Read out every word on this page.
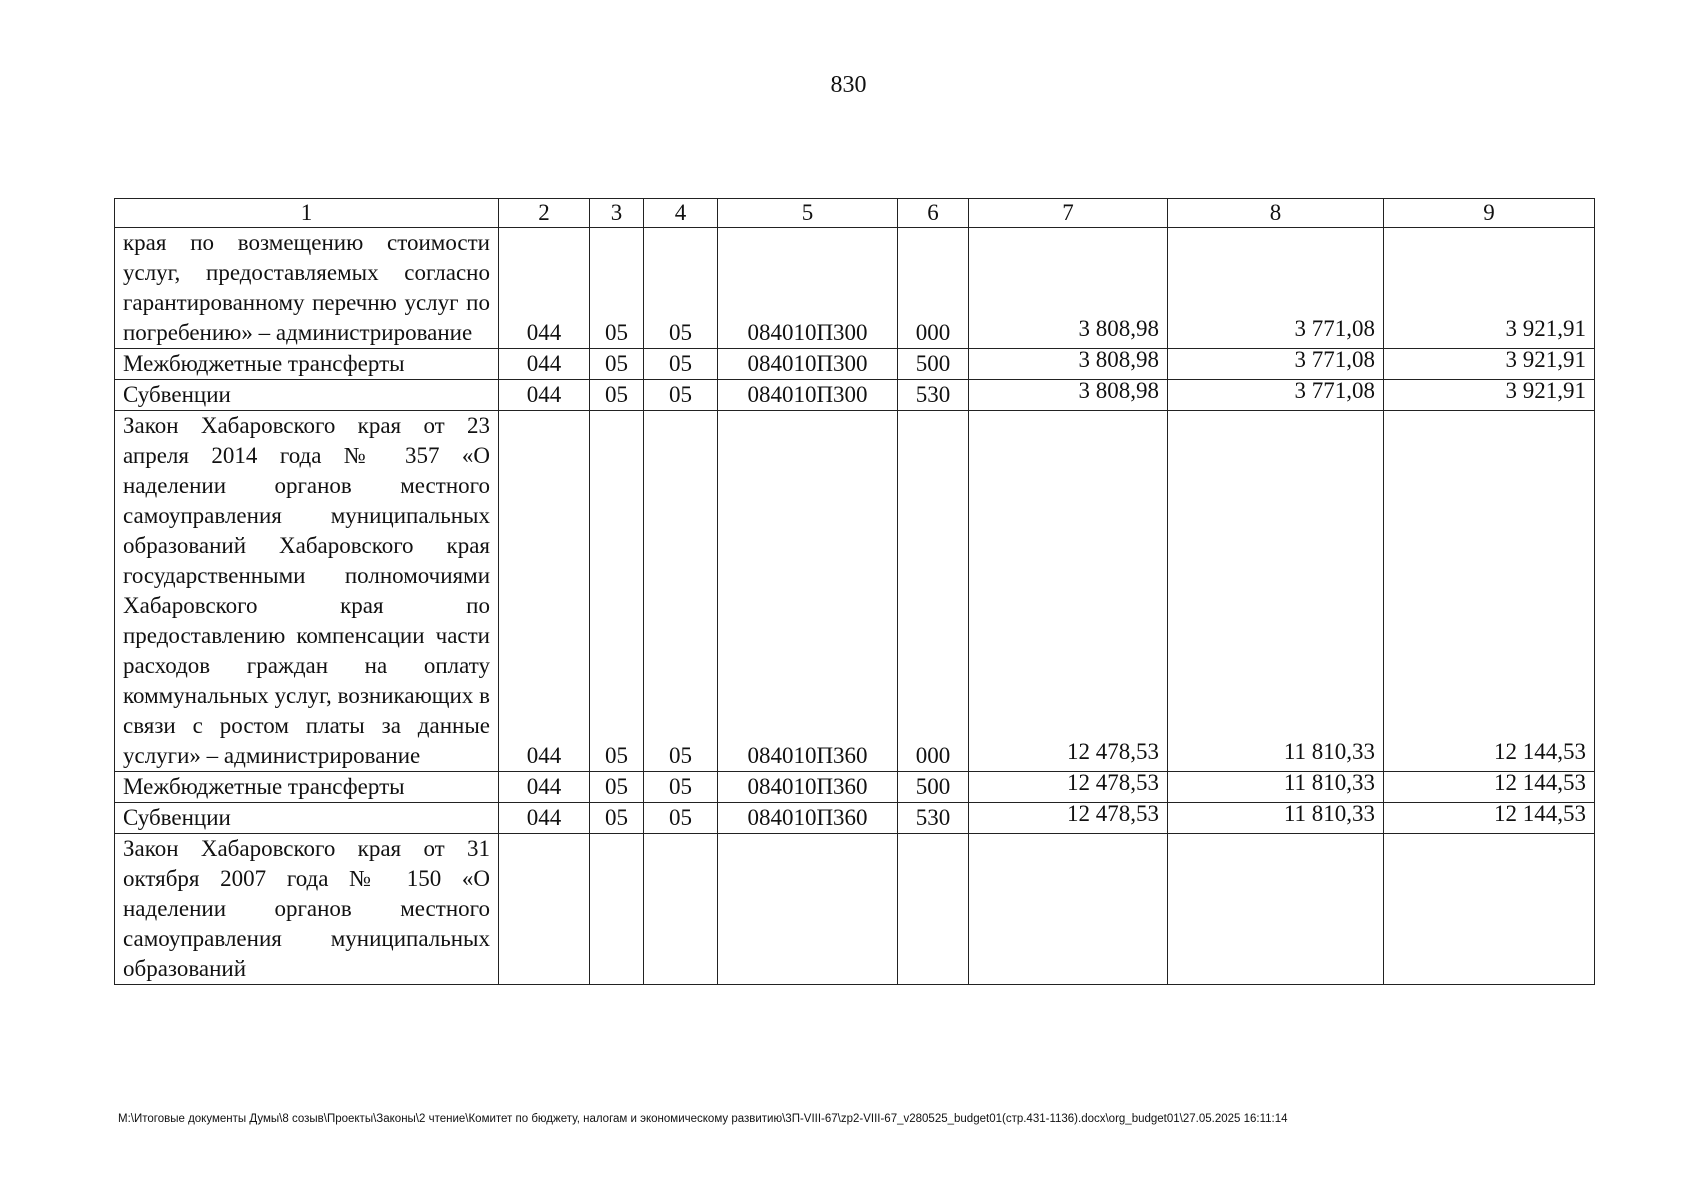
830
1	2	3	4	5	6	7	8	9
края по возмещению стоимости услуг, предоставляемых согласно гарантированному перечню услуг по погребению» – администрирование	044	05	05	084010П300	000	3 808,98	3 771,08	3 921,91
Межбюджетные трансферты	044	05	05	084010П300	500	3 808,98	3 771,08	3 921,91
Субвенции	044	05	05	084010П300	530	3 808,98	3 771,08	3 921,91
Закон Хабаровского края от 23 апреля 2014 года № 357 «О наделении органов местного самоуправления муниципальных образований Хабаровского края государственными полномочиями Хабаровского края по предоставлению компенсации части расходов граждан на оплату коммунальных услуг, возникающих в связи с ростом платы за данные услуги» – администрирование	044	05	05	084010П360	000	12 478,53	11 810,33	12 144,53
Межбюджетные трансферты	044	05	05	084010П360	500	12 478,53	11 810,33	12 144,53
Субвенции	044	05	05	084010П360	530	12 478,53	11 810,33	12 144,53
Закон Хабаровского края от 31 октября 2007 года № 150 «О наделении органов местного самоуправления муниципальных образований								
M:\Итоговые документы Думы\8 созыв\Проекты\Законы\2 чтение\Комитет по бюджету, налогам и экономическому развитию\3П-VIII-67\zp2-VIII-67_v280525_budget01(стр.431-1136).docx\org_budget01\27.05.2025 16:11:14
